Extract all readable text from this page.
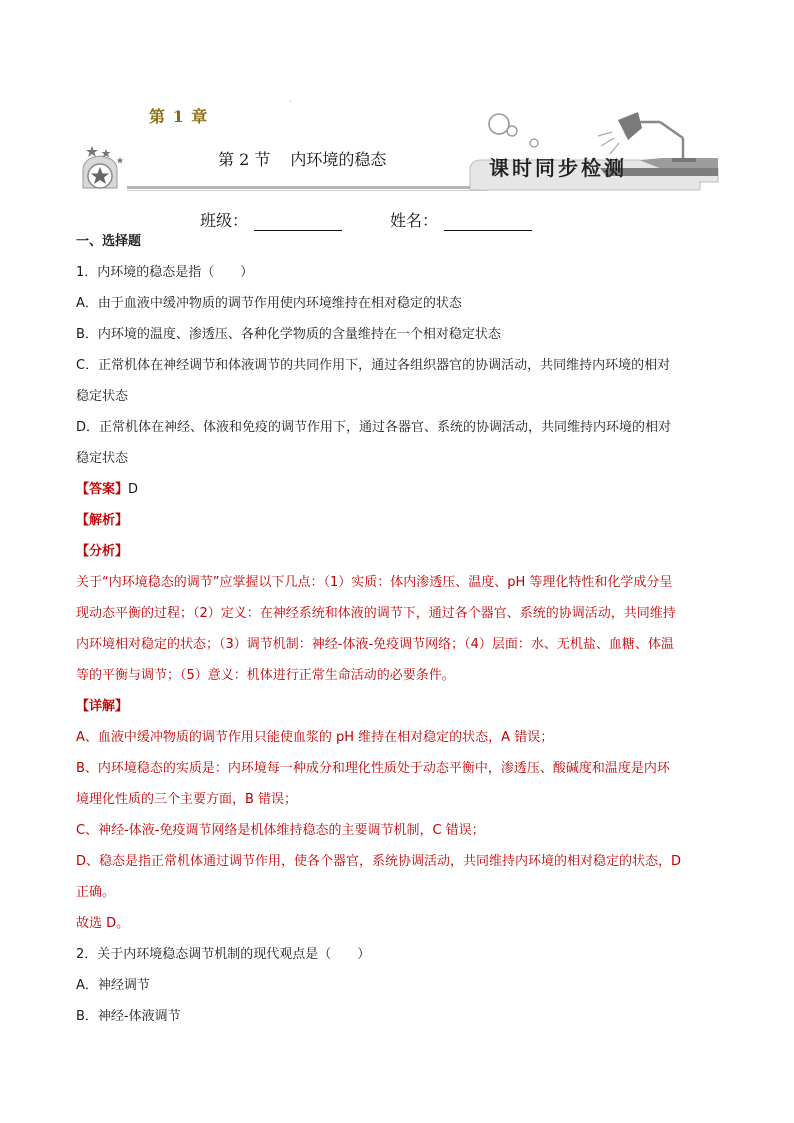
·
第 1 章
第 2 节 内环境的稳态	课时同步检测
班级：	姓名：

一、选择题

1．内环境的稳态是指（　　）

A．由于血液中缓冲物质的调节作用使内环境维持在相对稳定的状态

B．内环境的温度、渗透压、各种化学物质的含量维持在一个相对稳定状态

C．正常机体在神经调节和体液调节的共同作用下，通过各组织器官的协调活动，共同维持内环境的相对

稳定状态

D．正常机体在神经、体液和免疫的调节作用下，通过各器官、系统的协调活动，共同维持内环境的相对

稳定状态

【答案】D

【解析】

【分析】

关于“内环境稳态的调节”应掌握以下几点：（1）实质：体内渗透压、温度、pH 等理化特性和化学成分呈

现动态平衡的过程；（2）定义：在神经系统和体液的调节下，通过各个器官、系统的协调活动，共同维持

内环境相对稳定的状态；（3）调节机制：神经-体液-免疫调节网络；（4）层面：水、无机盐、血糖、体温

等的平衡与调节；（5）意义：机体进行正常生命活动的必要条件。

【详解】

A、血液中缓冲物质的调节作用只能使血浆的 pH 维持在相对稳定的状态，A 错误；

B、内环境稳态的实质是：内环境每一种成分和理化性质处于动态平衡中，渗透压、酸碱度和温度是内环

境理化性质的三个主要方面，B 错误；

C、神经-体液-免疫调节网络是机体维持稳态的主要调节机制，C 错误；

D、稳态是指正常机体通过调节作用，使各个器官，系统协调活动，共同维持内环境的相对稳定的状态，D

正确。

故选 D。

2．关于内环境稳态调节机制的现代观点是（　　）

A．神经调节

B．神经-体液调节
